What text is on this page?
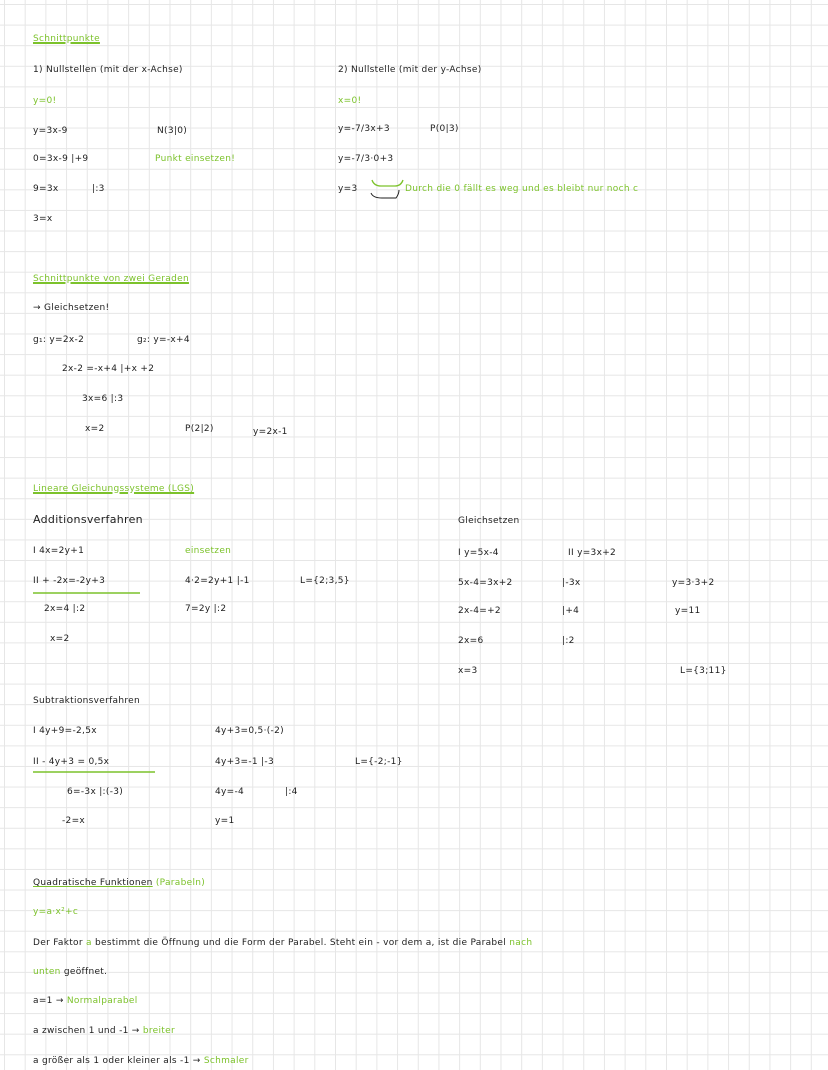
Schnittpunkte
1) Nullstellen (mit der x-Achse)
y=0!
y=3x-9	N(3|0)
0=3x-9 |+9	Punkt einsetzen!
9=3x	|:3
3=x
2) Nullstelle (mit der y-Achse)
x=0!
y=-7/3x+3	P(0|3)
y=-7/3·0+3
y=3	Durch die 0 fällt es weg und es bleibt nur noch c
Schnittpunkte von zwei Geraden
→ Gleichsetzen!
g₁: y=2x-2	g₂: y=-x+4
2x-2 =-x+4 |+x +2
3x=6 |:3
x=2	P(2|2)	y=2x-1
Lineare Gleichungssysteme (LGS)
Additionsverfahren
I 4x=2y+1	einsetzen
II + -2x=-2y+3	4·2=2y+1 |-1	L={2;3,5}
2x=4 |:2	7=2y |:2
x=2
Gleichsetzen
I y=5x-4	II y=3x+2
5x-4=3x+2	|-3x	y=3·3+2
2x-4=+2	|+4	y=11
2x=6	|:2
x=3	L={3;11}
Subtraktionsverfahren
I 4y+9=-2,5x	4y+3=0,5·(-2)
II - 4y+3 = 0,5x	4y+3=-1 |-3	L={-2;-1}
6=-3x |:(-3)	4y=-4	|:4
-2=x	y=1
Quadratische Funktionen (Parabeln)
y=a·x²+c
Der Faktor a bestimmt die Öffnung und die Form der Parabel. Steht ein - vor dem a, ist die Parabel nach
unten geöffnet.
a=1 → Normalparabel
a zwischen 1 und -1 → breiter
a größer als 1 oder kleiner als -1 → Schmaler
